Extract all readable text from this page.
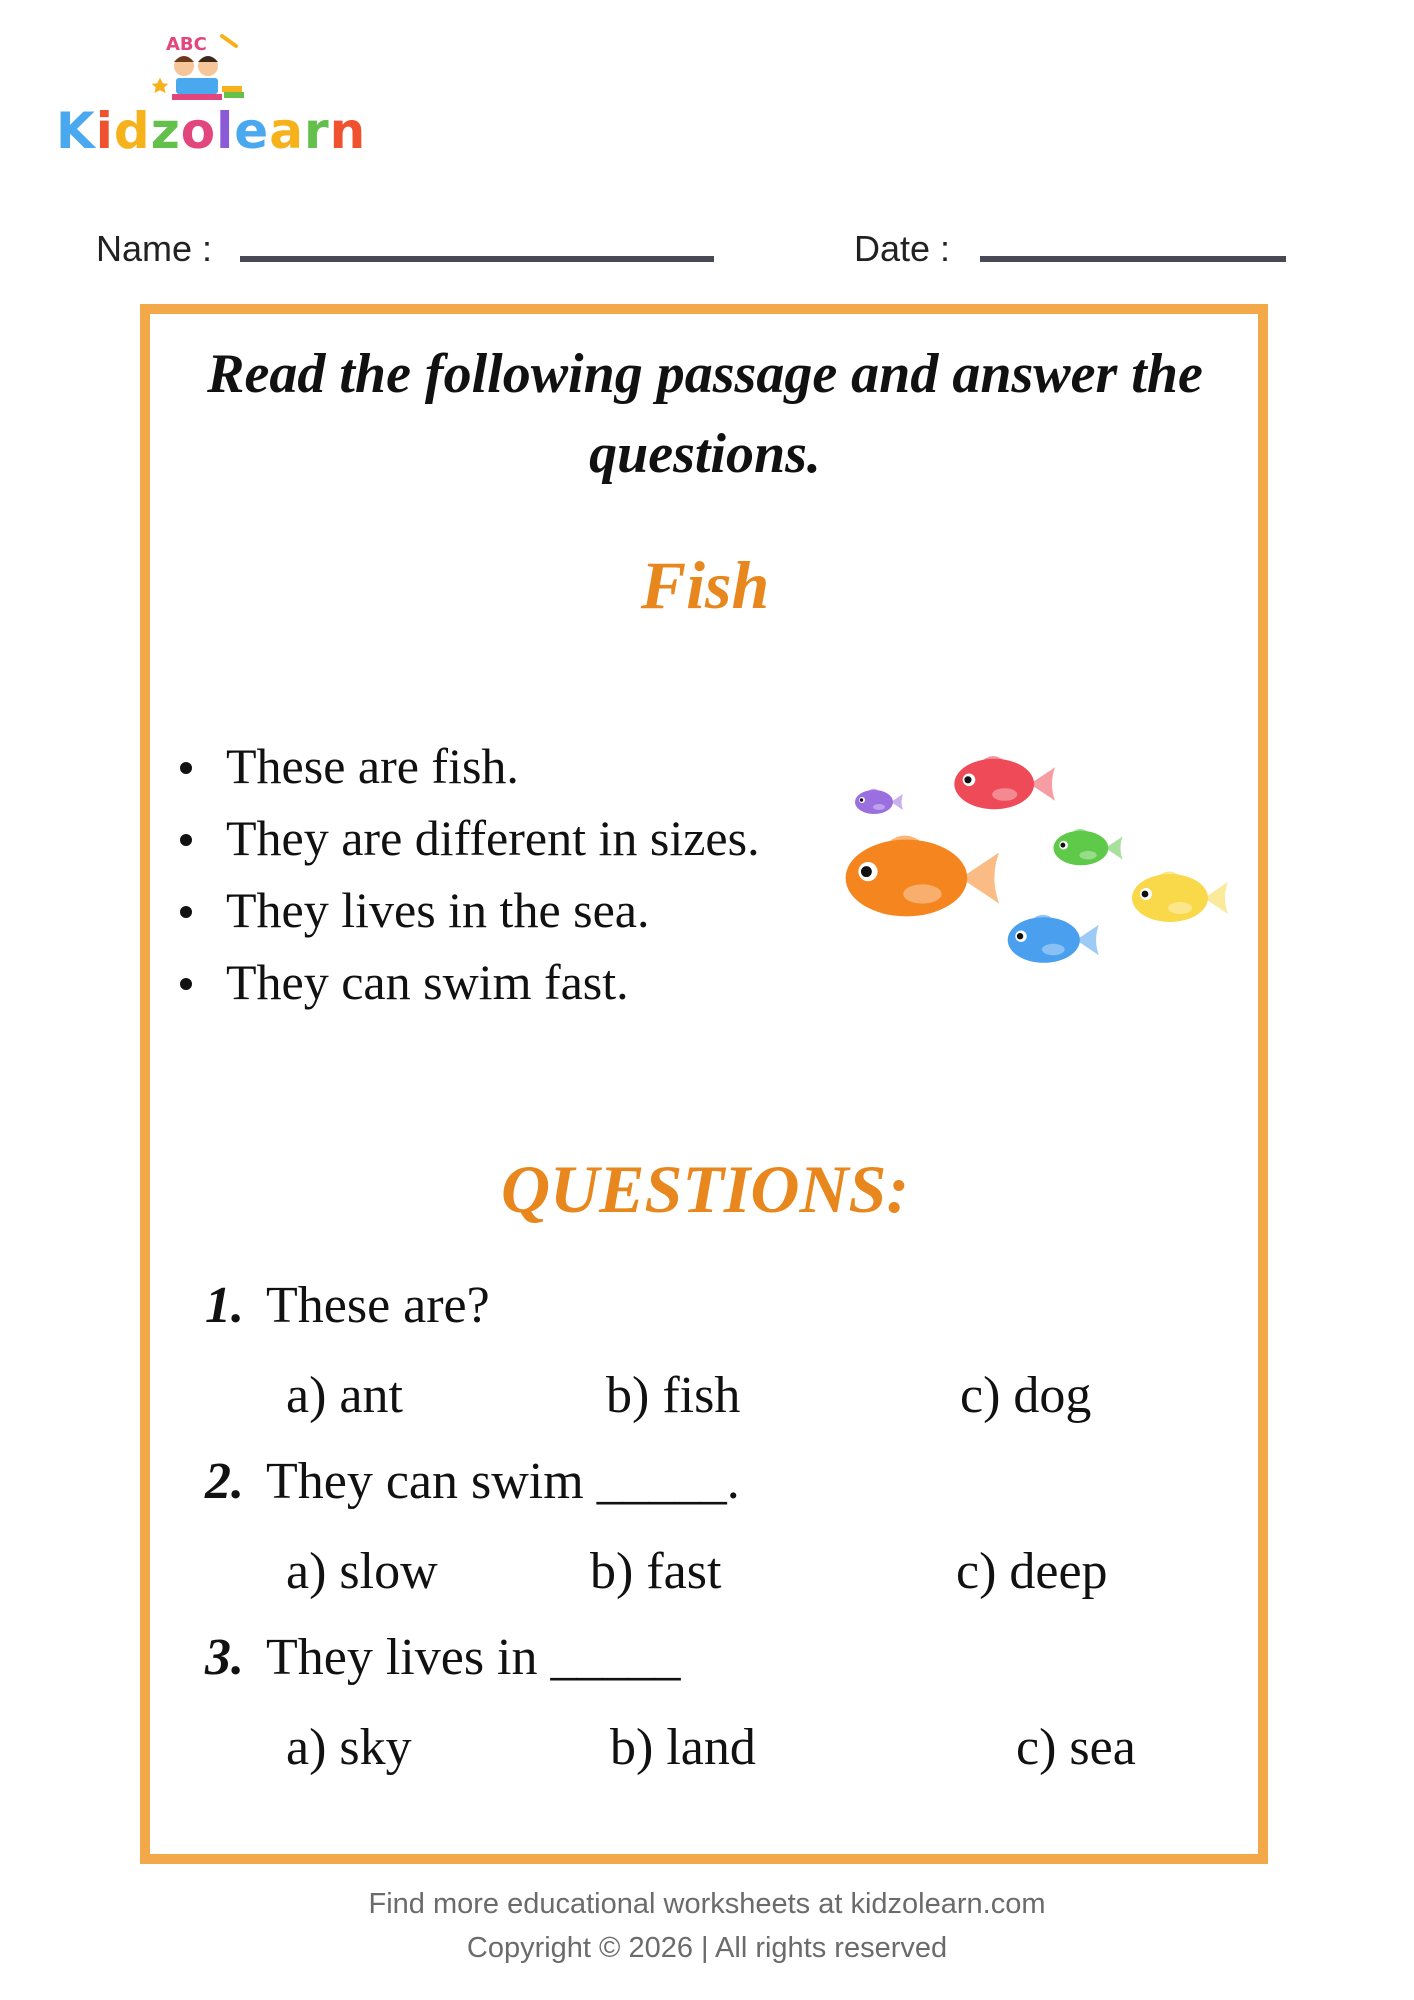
ABC
Kidzolearn
Name :	Date :
Read the following passage and answer the questions.
Fish
These are fish.
They are different in sizes.
They lives in the sea.
They can swim fast.
QUESTIONS:
1. These are?
a) ant	b) fish	c) dog
2. They can swim _____.
a) slow	b) fast	c) deep
3. They lives in _____
a) sky	b) land	c) sea
Find more educational worksheets at kidzolearn.com
Copyright © 2026 | All rights reserved
